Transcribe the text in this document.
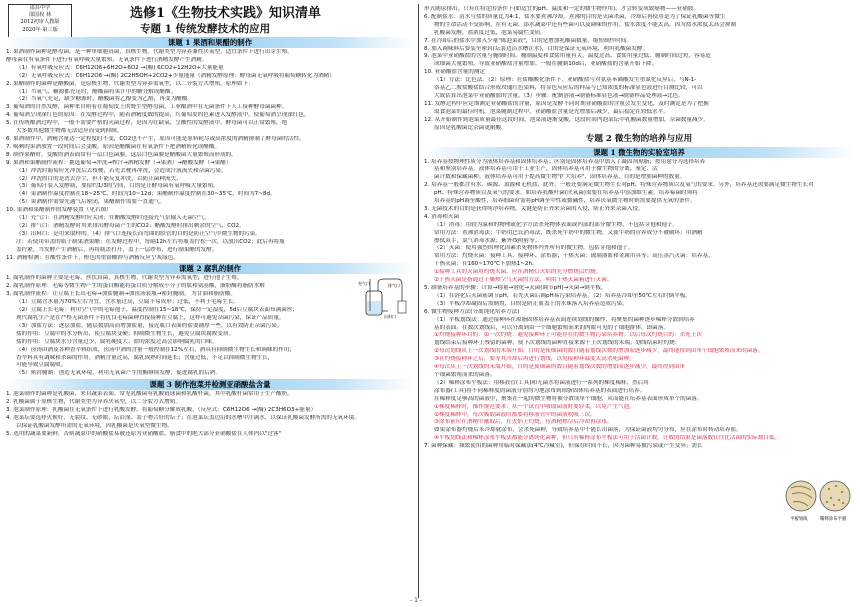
邵县中学
邵国权 林
2012初审人教版
2020年·第三版
选修1《生物技术实践》知识清单
专题 1 传统发酵技术的应用
课题 1 果酒和果醋的制作
1. 果酒制作菌种是酵母菌，是一种单细胞真菌，真核生物。代谢类型为异养兼性厌氧型，适宜条件下进行出芽生殖。
酵母菌在有氧条件下进行有氧呼吸大量繁殖，无氧条件下进行酒精发酵产生酒精。
（1）有氧呼吸反应式：C6H12O6+6H2O+6O2 →(酶) 6CO2+12H2O+大量能量
（2）无氧呼吸反应式：C6H12O6 →(酶) 2C2H5OH+2CO2+少量能量（酒精发酵原理：酵母菌无氧呼吸将葡萄糖转化为酒精）
2. 果醋制作的菌种是醋酸菌，是原核生物，代谢类型为异养需氧型，以二分裂方式增殖。原理如下：
（1）当氧气、糖源都充足时，醋酸菌将果汁中的糖分解成醋酸。
（2）当氧气充足，缺少糖源时，醋酸菌将乙醇变为乙醛，再变为醋酸。
3. 葡萄酒的自然发酵，菌种来自附着在葡萄皮上的野生型酵母菌，工业酿酒中在无菌条件下人工接种酵母菌菌种。
4. 葡萄酒呈现深红色的原因：在发酵过程中，随着酒精度数的提高，红葡萄皮的色素进入发酵液中，使葡萄酒呈现深红色。
5. 在传统酿酒过程中，一般不需要严格的灭菌过程，是因为在缺氧、呈酸性的发酵液中，酵母菌可以正常繁殖，绝
大多数其他微生物都无法适应而受到抑制。
6. 果酒制作中，酒精含量达一定程度时不变，CO2也不产生，原因可能是原料耗尽或高浓度的酒精抑制了酵母菌的活性。
7. 喝剩的果酒放置一段时间后会变酸，原因是醋酸菌在有氧条件下把酒精转化成醋酸。
8. 制作果醋时，变酸的酒表面常有一层白色菌膜，这层白色菌膜是醋酸菌大量繁殖而形成的。
9. 果酒和果醋制作流程：挑选葡萄→冲洗→榨汁→酒精发酵（→果酒）→醋酸发酵（→果醋）
（1）冲洗时葡萄应先冲洗后去枝梗，若先去梗再冲洗，会造成汁液流失和杂菌污染。
（2）冲洗的目的是洗去浮尘，但不能反复冲洗，以防止菌种流失。
（3）葡萄汁装入发酵瓶，要留约1/3的空间，目的是让酵母菌有氧呼吸大量繁殖。
（4）果酒制作温度控制在18~25℃，时间为10~12d；果醋制作温度控制在30~35℃，时间为7~8d。
（5）果酒制作需要先通气后密闭，果醋制作需要一直通气。
10. 果酒和果醋制作的发酵装置（见右图）
（1）充气口：在酒精发酵时应关闭；在醋酸发酵时连接充气泵输入无菌空气。
（2）排气口：酒精发酵时用来排出酵母菌产生的CO2；醋酸发酵时排出剩余的空气、CO2。
（3）出料口：是用来取样的。（4）排气口连接长而弯曲的胶管的目的是防止空气中微生物的污染。
注：若使用带盖的瓶子制果酒果醋：在发酵过程中，每隔12h左右将瓶盖拧松一次，以放出CO2；此后再将瓶
盖拧紧。当发酵产生酒精后，再将瓶盖打开，盖上一层纱布，进行制果醋的发酵。
11. 酒精检测：在酸性条件下，橙色的重铬酸钾与酒精反应呈灰绿色。
课题 2 腐乳的制作
1. 腐乳制作的菌种主要是毛霉，丝状真菌，真核生物，代谢类型为异养需氧型，进行孢子生殖。
2. 腐乳制作原理：毛霉等微生物产生的蛋白酶能将蛋白质分解成小分子的肽和氨基酸，脂肪酶将脂肪水解
3. 腐乳制作流程：让豆腐上长出毛霉→加盐腌制→加卤汤装瓶→密封腌制。 为甘油和脂肪酸。
（1）豆腐含水量为70%左右为宜，含水量过高，豆腐不易成形；过低，不利于毛霉生长。
（2）豆腐上长毛霉：利用空气中的毛霉孢子，温度控制在15~18℃，保持一定湿度，5d后豆腐块表面布满菌丝；
现代腐乳生产是在严格无菌条件下将优良毛霉菌种直接接种在豆腐上，这样可避免杂菌污染，保证产品质量。
（3）加盐方法：逐层加盐，随层数加高而增加盐量，接近瓶口表面的盐要铺厚一些，以有效防止杂菌污染。
盐的作用：豆腐中的水分析出，使豆腐块变硬；抑制微生物生长，避免豆腐块腐败变质。
盐的作用：豆腐块水分含量过少，腐乳硬度大；盐的浓度过高会影响腐乳的口味。
（4）卤汤由酒及各种香辛料组成，卤汤中酒的含量一般控制在12%左右，酒具有抑制微生物生长和调味的作用；
香辛料具有调味和杀菌的作用。酒精含量过高，腐乳成熟时间延长；含量过低，不足以抑制微生物生长，
可能导致豆腐腐败。
（5）密封腌制：创造无氧环境，利用无氧菌产生的酶继续发酵，促进腐乳的后熟。
课题 3 制作泡菜并检测亚硝酸盐含量
1. 泡菜制作的菌种是乳酸菌，来自蔬菜表面。常见乳酸菌有乳酸链球菌和乳酸杆菌，其中乳酸杆菌常用于生产酸奶。
2. 乳酸菌属于原核生物，代谢类型为异养厌氧型，以二分裂方式增殖。
3. 泡菜制作原理：乳酸菌在无氧条件下进行乳酸发酵，将葡萄糖分解成乳酸。（反应式：C6H12O6 →(酶) 2C3H6O3+能量）
4. 泡菜坛要选择火候好、无裂纹、无砂眼、坛沿深、盖子吻合好的坛子；在泡菜坛盖边沿的水槽中注满水，以保证乳酸菌发酵所需的无氧环境。
以保证乳酸菌发酵所需的无氧环境，因乳酸菌是厌氧型微生物。
5. 选用的蔬菜要新鲜，否则蔬菜中的硝酸盐易被还原为亚硝酸盐，膳食中的绝大部分亚硝酸盐在人体内以"过客"
充气口	排气口
出料口
形式随尿排出，只有在特定的条件下(如适宜的pH、温度和一定的微生物作用)，才会转变成致癌物——亚硝胺。
6. 配制盐水：清水与盐的质量比为4:1，盐水要煮沸冷却，煮沸的目的是灭菌杀菌，冷却后再使用是为了保证乳酸菌等微生
物的生命活动不受影响。在有无菌、添水蔬菜中还有些菌可以及调味的作用。盐水浓度不能太高，因为盐水浓度太高会抑制
乳酸菌发酵，盐浓度过低，泡菜易腐烂变质。
7. 在冷却后的盐水中加入少量"陈泡菜液"，目的是增加乳酸菌数量，缩短制作时间。
8. 加入调味料后要装至密封(坛装边沿水槽注水)，目的是保证无氧环境，利用乳酸菌发酵。
9. 泡菜中亚硝酸盐的含量与腌制时间、腌制温度和食盐用量有关。温度过高、食盐用量过低、腌制时间过短，容易造
成细菌大量繁殖，导致亚硝酸盐含量增加。一般在腌制10d后，亚硝酸盐的含量开始下降。
10. 亚硝酸盐含量的测定
（1）方法：比色法。（2）原理：在盐酸酸化条件下，亚硝酸盐与对氨基苯磺酸发生重氮化反应后，与N-1-
萘基乙二胺盐酸盐结合形成玫瑰红色染料，将显色反应后的样品与已知浓度的标准显色液进行目测比较，可以
大致估算出泡菜中亚硝酸盐的含量。（3）步骤：配制溶液→制备标准显色液→制备样品处理液→比色。
11. 发酵过程中应定期测定亚硝酸盐的含量，原因是发酵不同时期亚硝酸盐的含量会发生变化，及时测定是为了把握
取食泡菜的最佳时机。泡菜腌制过程中，亚硝酸盐含量是先增加后减少，最后稳定在较低水平。
12. 从开始制作到泡菜质量最佳这段时间，泡菜液逐渐变酸，这段时间内泡菜坛中乳酸菌数量增加，杂菌数量减少，
原因是乳酸菌比杂菌更耐酸。
专题 2 微生物的培养与应用
课题 1 微生物的实验室培养
1. 培养基按物理性质分为液体培养基和固体培养基；区别是固体培养基中加入了凝固剂琼脂；按用途分为选择培养
基和鉴别培养基。液体培养基可用于工业生产，固体培养基可用于微生物的分离、鉴定、活
菌计数和保藏菌种。液体培养基可用于提高微生物"扩大培养"，固体培养基，目的是增加菌种的数量。
2. 培养基一般都含有水、碳源、氮源和无机盐，此外，一般还要满足微生物生长对pH、特殊营养物质以及氧气的要求。另外，培养基还需要满足微生物生长对
pH、特殊营养物质以及氧气的要求。如培养乳酸杆菌(厌氧菌)需要在培养基中添加维生素，培养霉菌时须将
培养基的pH调至酸性，培养细菌时需将pH调至中性或微碱性，培养厌氧微生物时则需要提供无氧的条件。
3. 无菌技术的目的是获得纯净培养物，关键是防止外来杂菌的入侵，防止外来杂菌入侵。
4. 消毒和灭菌
（1）消毒：用较为温和的物理或化学方法杀死物体表面或内部的部分微生物，不包括芽孢和孢子。
常用方法：煮沸消毒法；牛奶用巴氏消毒法，既杀死牛奶中的微生物，又使牛奶的营养成分不被破坏；用酒精
擦拭双手，氯气消毒水源；紫外线照射等。
（2）灭菌：使用强烈的理化因素杀死物体内外所有的微生物，包括芽孢和孢子。
常用方法：灼烧灭菌：接种工具、接种环、涂布器；干热灭菌：玻璃器皿和金属用具等；高压蒸汽灭菌：培养基。
干热灭菌：在160~170℃下加热1~2h。
①接种工具的灭菌用灼烧灭菌，应在酒精灯火焰的充分燃烧层灼烧。
②干热灭菌是指通过干燥热空气灭菌的方法，利用干热灭菌箱进行灭菌。
5. 制备培养基的步骤：计算→称量→溶化→灭菌(调节pH)→灭菌→倒平板。
（1）在溶化后灭菌前调节pH，若先灭菌后调pH易污染培养基。（2）培养基冷却至50℃左右时倒平板。
（3）平板冷却凝固后需倒置，目的是防止皿盖上的水珠落入培养基造成污染。
6. 微生物接种方法(分离纯化培养方法)
（1）平板划线法：通过接种环在琼脂固体培养基表面连续划线的操作，将聚集的菌种逐步稀释分散到培养
基的表面。在数次划线后，可以分离到由一个细胞繁殖而来的肉眼可见的子细胞群体，即菌落。
①灼烧接种环目的：第一次灼烧：避免接种环上可能存在的微生物污染培养物；以后每次灼烧目的：杀死上次
划线结束后接种环上残留的菌种，使下次划线的菌种直接来源于上次划线的末端；划线结束时灼烧：
②每次划线从上一次划线的末端开始，目的是使细菌的数目随着划线次数的增加而逐步减少，最终能得到由单个细胞繁殖而来的菌落。
③在灼烧接种环之后，要等其冷却后再进行划线，以免接种环温度太高杀死菌种。
④每次从上一次划线的末端开始，目的是使细菌的数目随着划线次数的增加而逐步减少，最终得到由单
个细菌繁殖而来的菌落。
（2）稀释涂布平板法：用移液管(工具)和无菌水将菌液进行一系列的梯度稀释，然后用
涂布器(工具)将不同稀释度的菌液分别均匀地涂布到琼脂固体培养基的表面进行培养。
在稀释度足够高的菌液中，聚集在一起的微生物将被分散成单个细胞，从而能在培养基表面形成单个的菌落。
①梯度稀释时，操作规范要求：从一个试管中吸取菌液时要轻柔，以免产生气泡。
②梯度稀释中，每次吸取菌液时都要将移液管中的菌液吹吸三次。
③涂布前应在酒精中蘸取后，在火焰上灼烧，待酒精燃尽后冷却再涂布。
如果涂布器灼烧后未冷却就涂布，会杀死菌种，导致培养基中不能长出菌落，为保证菌液均匀分布，应在涂布时转动培养皿。
④平板划线法和稀释涂布平板法都能分离纯化菌种，但只有稀释涂布平板法可用于活菌计数，计数的结果是菌落数往往比活菌的实际数目低。
7. 菌种保藏：频繁使用的菌种用临时保藏法(4℃冷藏室)，但保存时间不长，因为菌种易被污染或产生变异；需长
平板划线	稀释涂布平板
- 1 -
